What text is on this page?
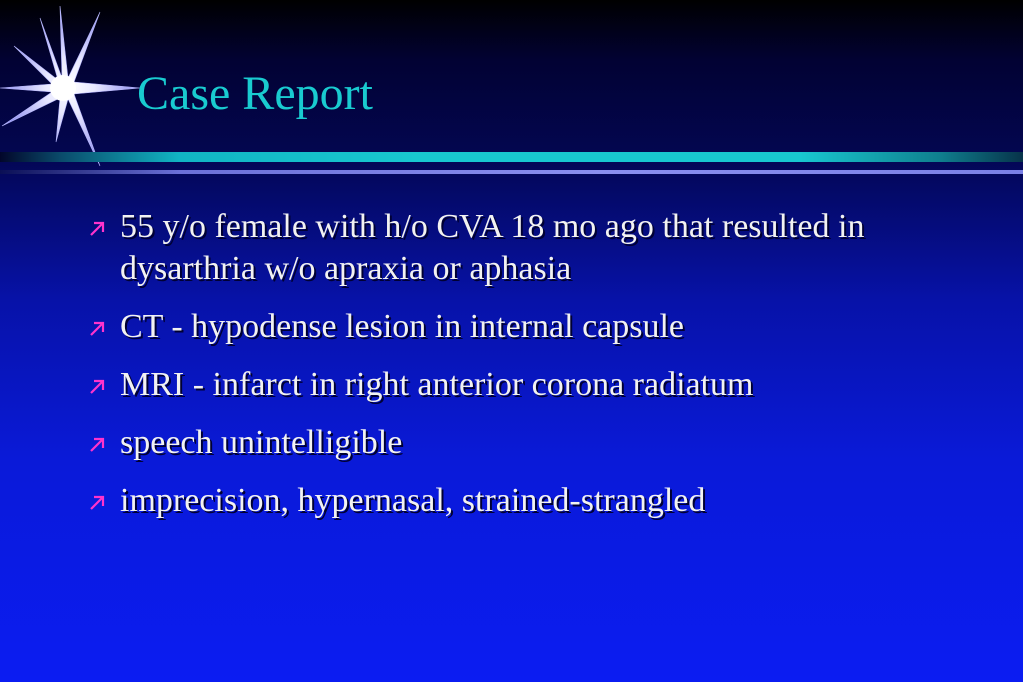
Case Report
55 y/o female with h/o CVA 18 mo ago that resulted in dysarthria w/o apraxia or aphasia
CT - hypodense lesion in internal capsule
MRI - infarct in right anterior corona radiatum
speech unintelligible
imprecision, hypernasal, strained-strangled
